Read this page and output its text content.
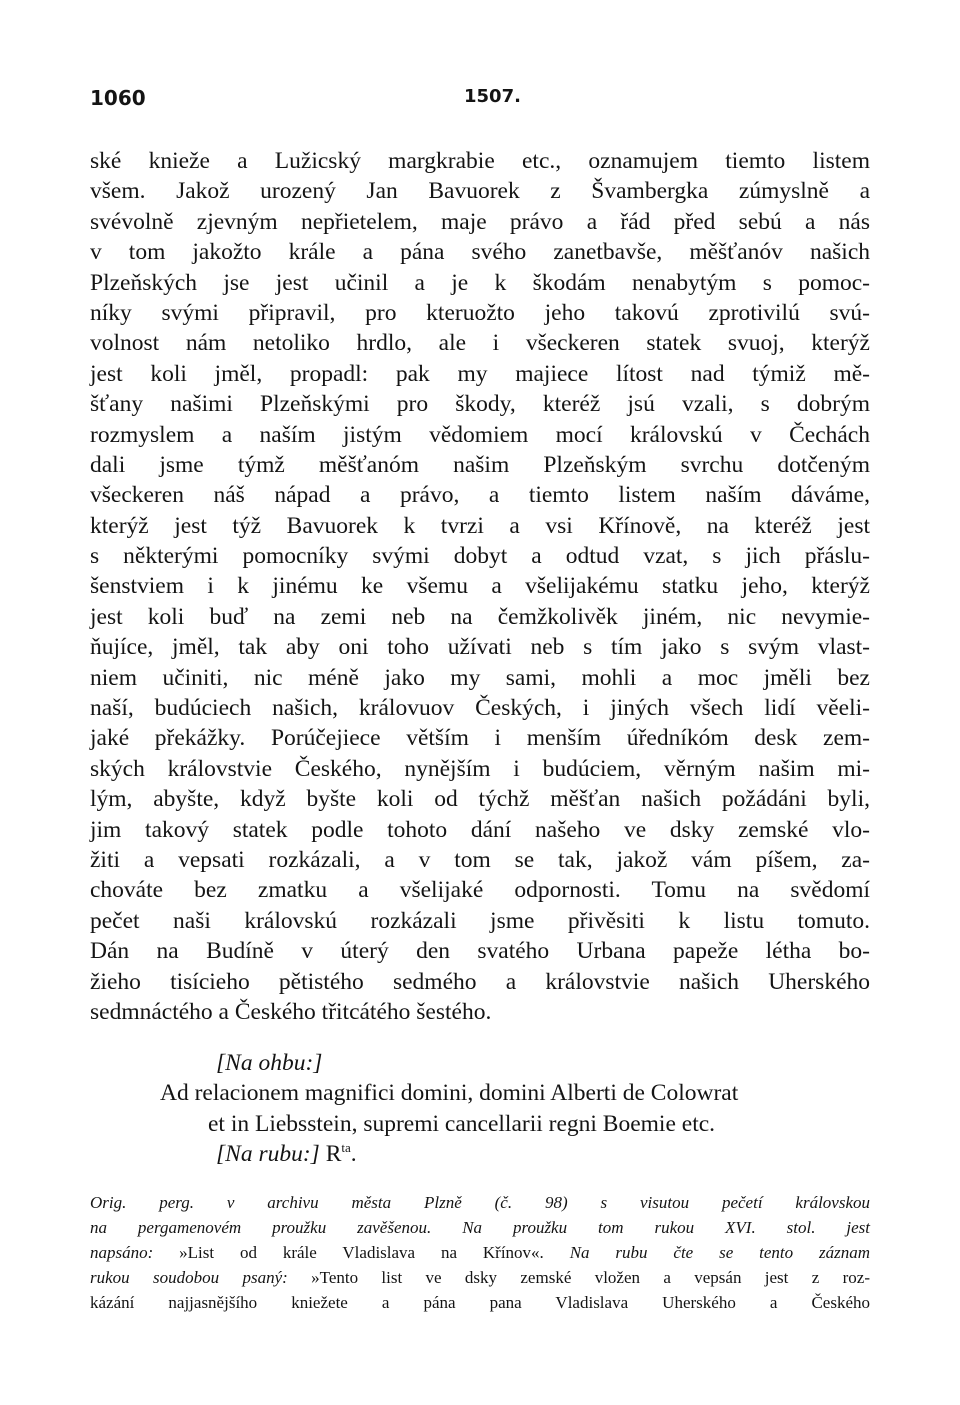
1060	1507.
ské knieže a Lužicský margkrabie etc., oznamujem tiemto listem
všem. Jakož urozený Jan Bavuorek z Švambergka zúmyslně a
svévolně zjevným nepřietelem, maje právo a řád před sebú a nás
v tom jakožto krále a pána svého zanetbavše, měšťanóv našich
Plzeňských jse jest učinil a je k škodám nenabytým s pomoc-
níky svými připravil, pro kteruožto jeho takovú zprotivilú svú-
volnost nám netoliko hrdlo, ale i všeckeren statek svuoj, kterýž
jest koli jměl, propadl: pak my majiece lítost nad týmiž mě-
šťany našimi Plzeňskými pro škody, kteréž jsú vzali, s dobrým
rozmyslem a naším jistým vědomiem mocí královskú v Čechách
dali jsme týmž měšťanóm našim Plzeňským svrchu dotčeným
všeckeren náš nápad a právo, a tiemto listem naším dáváme,
kterýž jest týž Bavuorek k tvrzi a vsi Křínově, na kteréž jest
s některými pomocníky svými dobyt a odtud vzat, s jich přáslu-
šenstviem i k jinému ke všemu a všelijakému statku jeho, kterýž
jest koli buď na zemi neb na čemžkolivěk jiném, nic nevymie-
ňujíce, jměl, tak aby oni toho užívati neb s tím jako s svým vlast-
niem učiniti, nic méně jako my sami, mohli a moc jměli bez
naší, budúciech našich, královuov Českých, i jiných všech lidí věeli-
jaké překážky. Porúčejiece větším i menším úředníkóm desk zem-
ských královstvie Českého, nynějším i budúciem, věrným našim mi-
lým, abyšte, když byšte koli od týchž měšťan našich požádáni byli,
jim takový statek podle tohoto dání našeho ve dsky zemské vlo-
žiti a vepsati rozkázali, a v tom se tak, jakož vám píšem, za-
chováte bez zmatku a všelijaké odpornosti. Tomu na svědomí
pečet naši královskú rozkázali jsme přivěsiti k listu tomuto.
Dán na Budíně v úterý den svatého Urbana papeže létha bo-
žieho tisícieho pětistého sedmého a královstvie našich Uherského
sedmnáctého a Českého třitcátého šestého.
[Na ohbu:]
Ad relacionem magnifici domini, domini Alberti de Colowrat
et in Liebsstein, supremi cancellarii regni Boemie etc.
[Na rubu:] $R^{ta}$.
Orig. perg. v archivu města Plzně (č. 98) s visutou pečetí královskou
na pergamenovém proužku zavěšenou. Na proužku tom rukou XVI. stol. jest
napsáno: »List od krále Vladislava na Křínov«. Na rubu čte se tento záznam
rukou soudobou psaný: »Tento list ve dsky zemské vložen a vepsán jest z roz-
kázání najjasnějšího kniežete a pána pana Vladislava Uherského a Českého
